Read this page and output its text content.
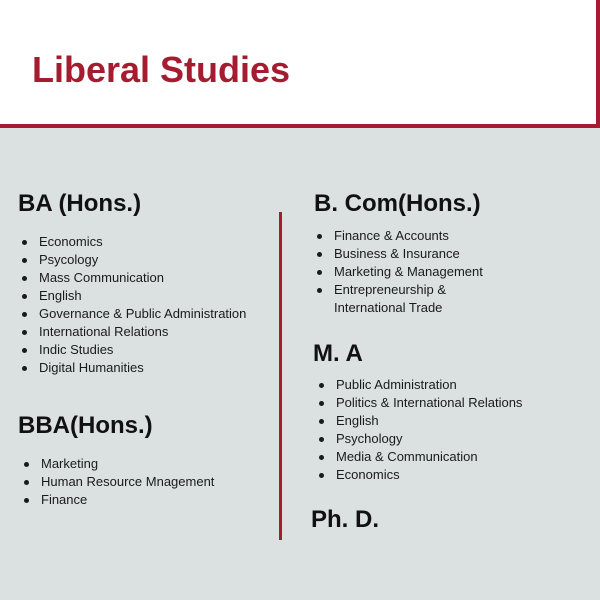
Liberal Studies
BA (Hons.)
Economics
Psycology
Mass Communication
English
Governance & Public Administration
International Relations
Indic Studies
Digital Humanities
BBA(Hons.)
Marketing
Human Resource Mnagement
Finance
B. Com(Hons.)
Finance & Accounts
Business & Insurance
Marketing & Management
Entrepreneurship & International Trade
M. A
Public Administration
Politics & International Relations
English
Psychology
Media & Communication
Economics
Ph. D.
